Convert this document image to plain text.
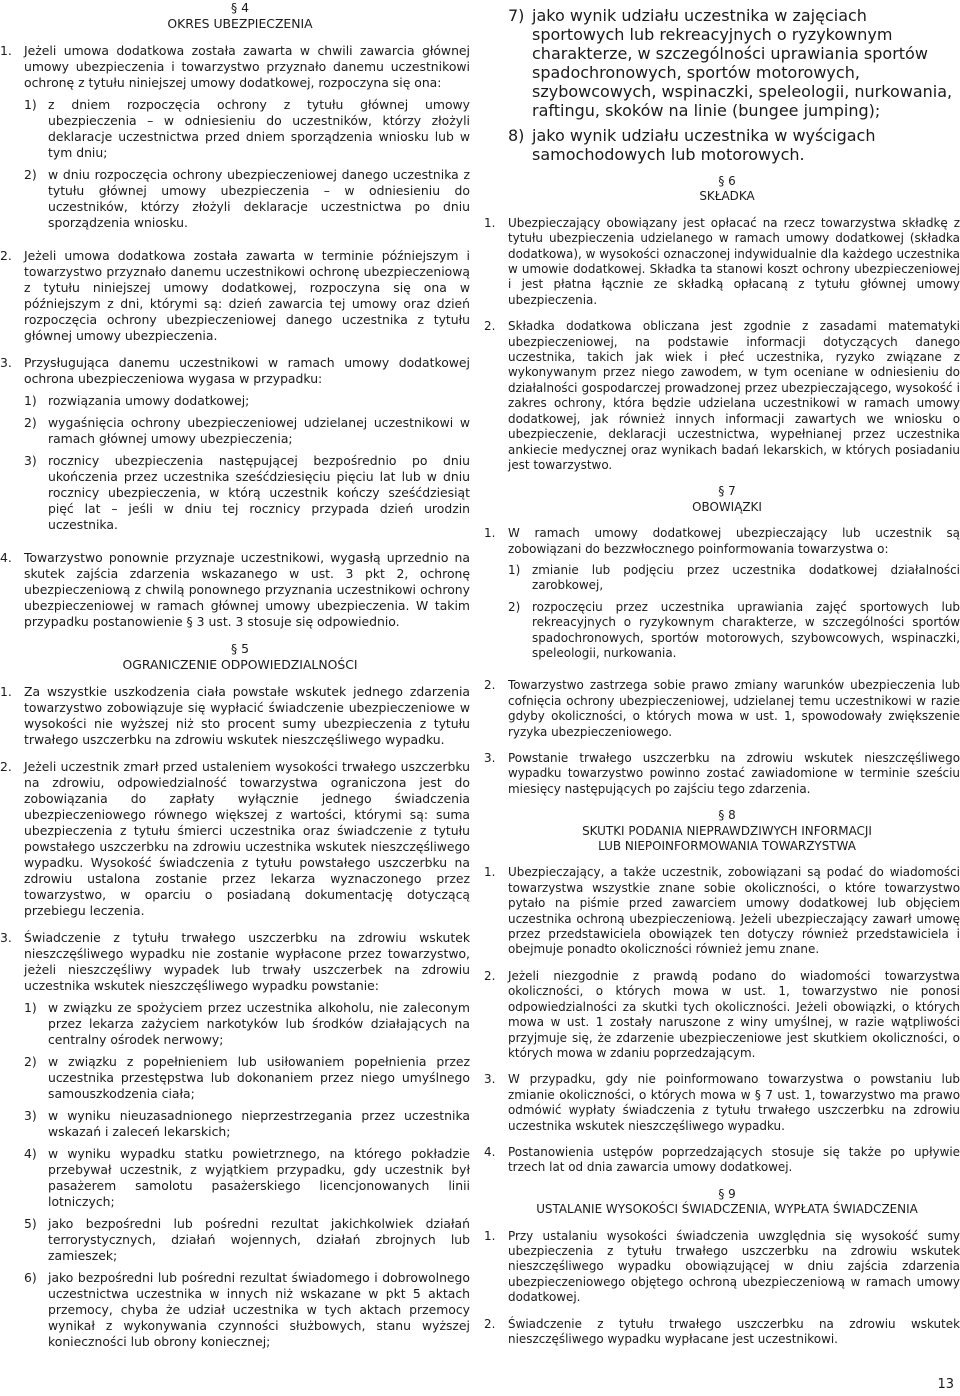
§ 4
OKRES UBEZPIECZENIA
1. Jeżeli umowa dodatkowa została zawarta w chwili zawarcia głównej umowy ubezpieczenia i towarzystwo przyznało danemu uczestnikowi ochronę z tytułu niniejszej umowy dodatkowej, rozpoczyna się ona:

1) z dniem rozpoczęcia ochrony z tytułu głównej umowy ubezpieczenia – w odniesieniu do uczestników, którzy złożyli deklaracje uczestnictwa przed dniem sporządzenia wniosku lub w tym dniu;
2) w dniu rozpoczęcia ochrony ubezpieczeniowej danego uczestnika z tytułu głównej umowy ubezpieczenia – w odniesieniu do uczestników, którzy złożyli deklaracje uczestnictwa po dniu sporządzenia wniosku.
2. Jeżeli umowa dodatkowa została zawarta w terminie późniejszym i towarzystwo przyznało danemu uczestnikowi ochronę ubezpieczeniową z tytułu niniejszej umowy dodatkowej, rozpoczyna się ona w późniejszym z dni, którymi są: dzień zawarcia tej umowy oraz dzień rozpoczęcia ochrony ubezpieczeniowej danego uczestnika z tytułu głównej umowy ubezpieczenia.

3. Przysługująca danemu uczestnikowi w ramach umowy dodatkowej ochrona ubezpieczeniowa wygasa w przypadku:

1) rozwiązania umowy dodatkowej;
2) wygaśnięcia ochrony ubezpieczeniowej udzielanej uczestnikowi w ramach głównej umowy ubezpieczenia;
3) rocznicy ubezpieczenia następującej bezpośrednio po dniu ukończenia przez uczestnika sześćdziesięciu pięciu lat lub w dniu rocznicy ubezpieczenia, w którą uczestnik kończy sześćdziesiąt pięć lat – jeśli w dniu tej rocznicy przypada dzień urodzin uczestnika.
4. Towarzystwo ponownie przyznaje uczestnikowi, wygasłą uprzednio na skutek zajścia zdarzenia wskazanego w ust. 3 pkt 2, ochronę ubezpieczeniową z chwilą ponownego przyznania uczestnikowi ochrony ubezpieczeniowej w ramach głównej umowy ubezpieczenia. W takim przypadku postanowienie § 3 ust. 3 stosuje się odpowiednio.

§ 5
OGRANICZENIE ODPOWIEDZIALNOŚCI
1. Za wszystkie uszkodzenia ciała powstałe wskutek jednego zdarzenia towarzystwo zobowiązuje się wypłacić świadczenie ubezpieczeniowe w wysokości nie wyższej niż sto procent sumy ubezpieczenia z tytułu trwałego uszczerbku na zdrowiu wskutek nieszczęśliwego wypadku.

2. Jeżeli uczestnik zmarł przed ustaleniem wysokości trwałego uszczerbku na zdrowiu, odpowiedzialność towarzystwa ograniczona jest do zobowiązania do zapłaty wyłącznie jednego świadczenia ubezpieczeniowego równego większej z wartości, którymi są: suma ubezpieczenia z tytułu śmierci uczestnika oraz świadczenie z tytułu powstałego uszczerbku na zdrowiu uczestnika wskutek nieszczęśliwego wypadku. Wysokość świadczenia z tytułu powstałego uszczerbku na zdrowiu ustalona zostanie przez lekarza wyznaczonego przez towarzystwo, w oparciu o posiadaną dokumentację dotyczącą przebiegu leczenia.

3. Świadczenie z tytułu trwałego uszczerbku na zdrowiu wskutek nieszczęśliwego wypadku nie zostanie wypłacone przez towarzystwo, jeżeli nieszczęśliwy wypadek lub trwały uszczerbek na zdrowiu uczestnika wskutek nieszczęśliwego wypadku powstanie:

1) w związku ze spożyciem przez uczestnika alkoholu, nie zaleconym przez lekarza zażyciem narkotyków lub środków działających na centralny ośrodek nerwowy;
2) w związku z popełnieniem lub usiłowaniem popełnienia przez uczestnika przestępstwa lub dokonaniem przez niego umyślnego samouszkodzenia ciała;
3) w wyniku nieuzasadnionego nieprzestrzegania przez uczestnika wskazań i zaleceń lekarskich;
4) w wyniku wypadku statku powietrznego, na którego pokładzie przebywał uczestnik, z wyjątkiem przypadku, gdy uczestnik był pasażerem samolotu pasażerskiego licencjonowanych linii lotniczych;
5) jako bezpośredni lub pośredni rezultat jakichkolwiek działań terrorystycznych, działań wojennych, działań zbrojnych lub zamieszek;
6) jako bezpośredni lub pośredni rezultat świadomego i dobrowolnego uczestnictwa uczestnika w innych niż wskazane w pkt 5 aktach przemocy, chyba że udział uczestnika w tych aktach przemocy wynikał z wykonywania czynności służbowych, stanu wyższej konieczności lub obrony koniecznej;
7) jako wynik udziału uczestnika w zajęciach sportowych lub rekreacyjnych o ryzykownym charakterze, w szczególności uprawiania sportów spadochronowych, sportów motorowych, szybowcowych, wspinaczki, speleologii, nurkowania, raftingu, skoków na linie (bungee jumping);
8) jako wynik udziału uczestnika w wyścigach samochodowych lub motorowych.
§ 6
SKŁADKA
1.	Ubezpieczający obowiązany jest opłacać na rzecz towarzystwa składkę z tytułu ubezpieczenia udzielanego w ramach umowy dodatkowej (składka dodatkowa), w wysokości oznaczonej indywidualnie dla każdego uczestnika w umowie dodatkowej. Składka ta stanowi koszt ochrony ubezpieczeniowej i jest płatna łącznie ze składką opłacaną z tytułu głównej umowy ubezpieczenia.

2.	Składka dodatkowa obliczana jest zgodnie z zasadami matematyki ubezpieczeniowej, na podstawie informacji dotyczących danego uczestnika, takich jak wiek i płeć uczestnika, ryzyko związane z wykonywanym przez niego zawodem, w tym oceniane w odniesieniu do działalności gospodarczej prowadzonej przez ubezpieczającego, wysokość i zakres ochrony, która będzie udzielana uczestnikowi w ramach umowy dodatkowej, jak również innych informacji zawartych we wniosku o ubezpieczenie, deklaracji uczestnictwa, wypełnianej przez uczestnika ankiecie medycznej oraz wynikach badań lekarskich, w których posiadaniu jest towarzystwo.

§ 7
OBOWIĄZKI
1.	W ramach umowy dodatkowej ubezpieczający lub uczestnik są zobowiązani do bezzwłocznego poinformowania towarzystwa o:

1) zmianie lub podjęciu przez uczestnika dodatkowej działalności zarobkowej,
2) rozpoczęciu przez uczestnika uprawiania zajęć sportowych lub rekreacyjnych o ryzykownym charakterze, w szczególności sportów spadochronowych, sportów motorowych, szybowcowych, wspinaczki, speleologii, nurkowania.
2.	Towarzystwo zastrzega sobie prawo zmiany warunków ubezpieczenia lub cofnięcia ochrony ubezpieczeniowej, udzielanej temu uczestnikowi w razie gdyby okoliczności, o których mowa w ust. 1, spowodowały zwiększenie ryzyka ubezpieczeniowego.

3.	Powstanie trwałego uszczerbku na zdrowiu wskutek nieszczęśliwego wypadku towarzystwo powinno zostać zawiadomione w terminie sześciu miesięcy następujących po zajściu tego zdarzenia.

§ 8
SKUTKI PODANIA NIEPRAWDZIWYCH INFORMACJI
LUB NIEPOINFORMOWANIA TOWARZYSTWA
1.	Ubezpieczający, a także uczestnik, zobowiązani są podać do wiadomości towarzystwa wszystkie znane sobie okoliczności, o które towarzystwo pytało na piśmie przed zawarciem umowy dodatkowej lub objęciem uczestnika ochroną ubezpieczeniową. Jeżeli ubezpieczający zawarł umowę przez przedstawiciela obowiązek ten dotyczy również przedstawiciela i obejmuje ponadto okoliczności również jemu znane.

2.	Jeżeli niezgodnie z prawdą podano do wiadomości towarzystwa okoliczności, o których mowa w ust. 1, towarzystwo nie ponosi odpowiedzialności za skutki tych okoliczności. Jeżeli obowiązki, o których mowa w ust. 1 zostały naruszone z winy umyślnej, w razie wątpliwości przyjmuje się, że zdarzenie ubezpieczeniowe jest skutkiem okoliczności, o których mowa w zdaniu poprzedzającym.

3.	W przypadku, gdy nie poinformowano towarzystwa o powstaniu lub zmianie okoliczności, o których mowa w § 7 ust. 1, towarzystwo ma prawo odmówić wypłaty świadczenia z tytułu trwałego uszczerbku na zdrowiu uczestnika wskutek nieszczęśliwego wypadku.

4.	Postanowienia ustępów poprzedzających stosuje się także po upływie trzech lat od dnia zawarcia umowy dodatkowej.

§ 9
USTALANIE WYSOKOŚCI ŚWIADCZENIA, WYPŁATA ŚWIADCZENIA
1.	Przy ustalaniu wysokości świadczenia uwzględnia się wysokość sumy ubezpieczenia z tytułu trwałego uszczerbku na zdrowiu wskutek nieszczęśliwego wypadku obowiązującej w dniu zajścia zdarzenia ubezpieczeniowego objętego ochroną ubezpieczeniową w ramach umowy dodatkowej.

2.	Świadczenie z tytułu trwałego uszczerbku na zdrowiu wskutek nieszczęśliwego wypadku wypłacane jest uczestnikowi.

13
